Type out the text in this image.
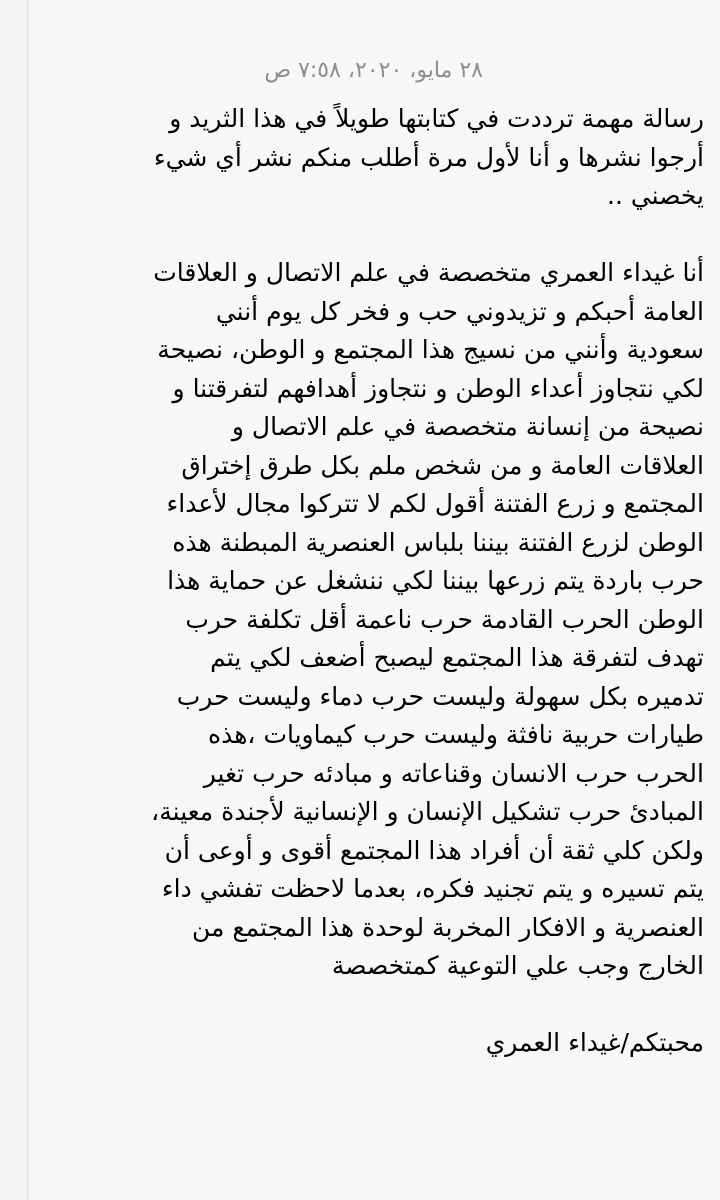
٢٨ مايو، ٢٠٢٠، ٧:٥٨ ص
رسالة مهمة ترددت في كتابتها طويلاً في هذا الثريد و
أرجوا نشرها و أنا لأول مرة أطلب منكم نشر أي شيء
يخصني ..
أنا غيداء العمري متخصصة في علم الاتصال و العلاقات
العامة أحبكم و تزيدوني حب و فخر كل يوم أنني
سعودية وأنني من نسيج هذا المجتمع و الوطن، نصيحة
لكي نتجاوز أعداء الوطن و نتجاوز أهدافهم لتفرقتنا و
نصيحة من إنسانة متخصصة في علم الاتصال و
العلاقات العامة و من شخص ملم بكل طرق إختراق
المجتمع و زرع الفتنة أقول لكم لا تتركوا مجال لأعداء
الوطن لزرع الفتنة بيننا بلباس العنصرية المبطنة هذه
حرب باردة يتم زرعها بيننا لكي ننشغل عن حماية هذا
الوطن الحرب القادمة حرب ناعمة أقل تكلفة حرب
تهدف لتفرقة هذا المجتمع ليصبح أضعف لكي يتم
تدميره بكل سهولة وليست حرب دماء وليست حرب
طيارات حربية نافثة وليست حرب كيماويات ،هذه
الحرب حرب الانسان وقناعاته و مبادئه حرب تغير
المبادئ حرب تشكيل الإنسان و الإنسانية لأجندة معينة،
ولكن كلي ثقة أن أفراد هذا المجتمع أقوى و أوعى أن
يتم تسيره و يتم تجنيد فكره، بعدما لاحظت تفشي داء
العنصرية و الافكار المخربة لوحدة هذا المجتمع من
الخارج وجب علي التوعية كمتخصصة
محبتكم/غيداء العمري
